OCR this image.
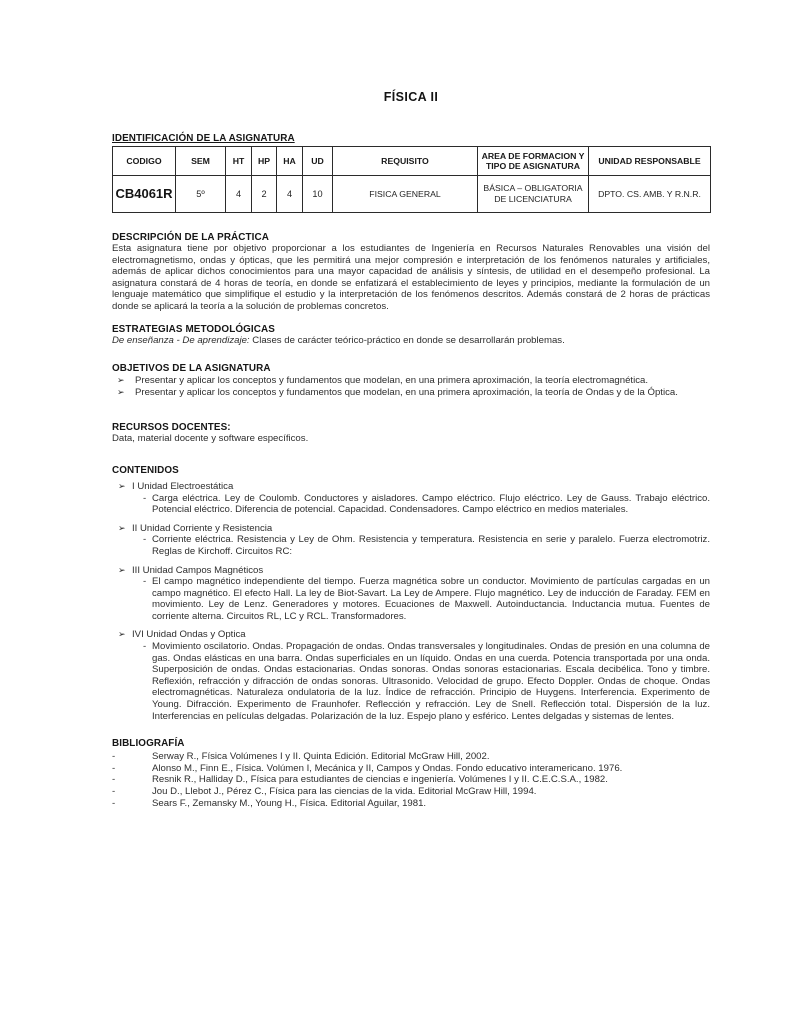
FÍSICA II
IDENTIFICACIÓN DE LA ASIGNATURA
CODIGO	SEM	HT	HP	HA	UD	REQUISITO	AREA DE FORMACION Y TIPO DE ASIGNATURA	UNIDAD RESPONSABLE
CB4061R	5º	4	2	4	10	FISICA GENERAL	BÁSICA – OBLIGATORIA DE LICENCIATURA	DPTO. CS. AMB. Y R.N.R.
DESCRIPCIÓN DE LA PRÁCTICA

Esta asignatura tiene por objetivo proporcionar a los estudiantes de Ingeniería en Recursos Naturales Renovables una visión del electromagnetismo, ondas y ópticas, que les permitirá una mejor compresión e interpretación de los fenómenos naturales y artificiales, además de aplicar dichos conocimientos para una mayor capacidad de análisis y síntesis, de utilidad en el desempeño profesional. La asignatura constará de 4 horas de teoría, en donde se enfatizará el establecimiento de leyes y principios, mediante la formulación de un lenguaje matemático que simplifique el estudio y la interpretación de los fenómenos descritos. Además constará de 2 horas de prácticas donde se aplicará la teoría a la solución de problemas concretos.

ESTRATEGIAS METODOLÓGICAS

De enseñanza - De aprendizaje: Clases de carácter teórico-práctico en donde se desarrollarán problemas.

OBJETIVOS DE LA ASIGNATURA
➢	Presentar y aplicar los conceptos y fundamentos que modelan, en una primera aproximación, la teoría electromagnética.
➢	Presentar y aplicar los conceptos y fundamentos que modelan, en una primera aproximación, la teoría de Ondas y de la Óptica.
RECURSOS DOCENTES:

Data, material docente y software específicos.

CONTENIDOS
➢ I Unidad Electroestática
- Carga eléctrica. Ley de Coulomb. Conductores y aisladores. Campo eléctrico. Flujo eléctrico. Ley de Gauss. Trabajo eléctrico. Potencial eléctrico. Diferencia de potencial. Capacidad. Condensadores. Campo eléctrico en medios materiales.
➢ II Unidad Corriente y Resistencia
- Corriente eléctrica. Resistencia y Ley de Ohm. Resistencia y temperatura. Resistencia en serie y paralelo. Fuerza electromotriz. Reglas de Kirchoff. Circuitos RC:
➢ III Unidad Campos Magnéticos
- El campo magnético independiente del tiempo. Fuerza magnética sobre un conductor. Movimiento de partículas cargadas en un campo magnético. El efecto Hall. La ley de Biot-Savart. La Ley de Ampere. Flujo magnético. Ley de inducción de Faraday. FEM en movimiento. Ley de Lenz. Generadores y motores. Ecuaciones de Maxwell. Autoinductancia. Inductancia mutua. Fuentes de corriente alterna. Circuitos RL, LC y RCL. Transformadores.
➢ IVI Unidad Ondas y Optica
- Movimiento oscilatorio. Ondas. Propagación de ondas. Ondas transversales y longitudinales. Ondas de presión en una columna de gas. Ondas elásticas en una barra. Ondas superficiales en un líquido. Ondas en una cuerda. Potencia transportada por una onda. Superposición de ondas. Ondas estacionarias. Ondas sonoras. Ondas sonoras estacionarias. Escala decibélica. Tono y timbre. Reflexión, refracción y difracción de ondas sonoras. Ultrasonido. Velocidad de grupo. Efecto Doppler. Ondas de choque. Ondas electromagnéticas. Naturaleza ondulatoria de la luz. Índice de refracción. Principio de Huygens. Interferencia. Experimento de Young. Difracción. Experimento de Fraunhofer. Reflección y refracción. Ley de Snell. Reflección total. Dispersión de la luz. Interferencias en películas delgadas. Polarización de la luz. Espejo plano y esférico. Lentes delgadas y sistemas de lentes.
BIBLIOGRAFÍA
-	Serway R., Física Volúmenes I y II. Quinta Edición. Editorial McGraw Hill, 2002.
-	Alonso M., Finn E., Física. Volúmen I, Mecánica y II, Campos y Ondas. Fondo educativo interamericano. 1976.
-	Resnik R., Halliday D., Física para estudiantes de ciencias e ingeniería. Volúmenes I y II. C.E.C.S.A., 1982.
-	Jou D., Llebot J., Pérez C., Física para las ciencias de la vida. Editorial McGraw Hill, 1994.
-	Sears F., Zemansky M., Young H., Física. Editorial Aguilar, 1981.
